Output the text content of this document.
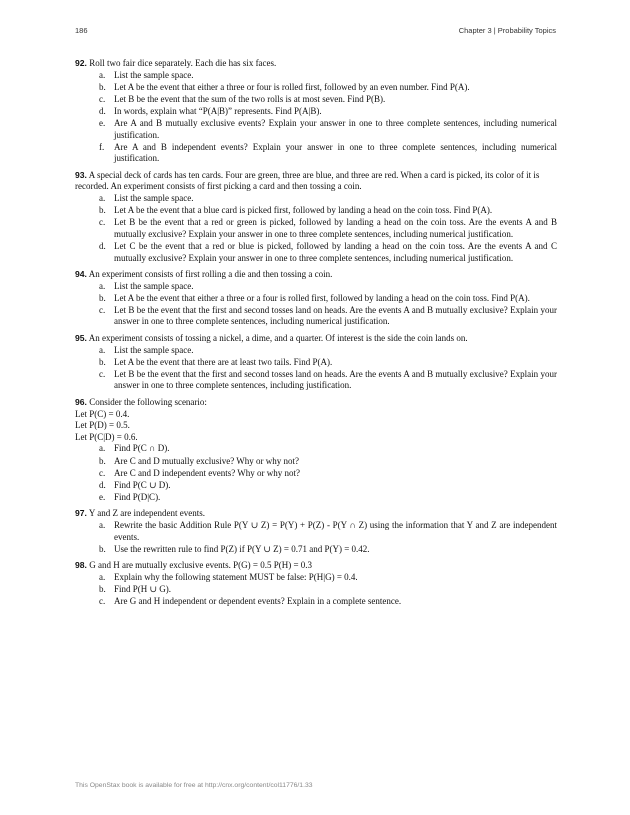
186	Chapter 3 | Probability Topics

92. Roll two fair dice separately. Each die has six faces.

a. List the sample space.
b. Let A be the event that either a three or four is rolled first, followed by an even number. Find P(A).
c. Let B be the event that the sum of the two rolls is at most seven. Find P(B).
d. In words, explain what “P(A|B)” represents. Find P(A|B).
e. Are A and B mutually exclusive events? Explain your answer in one to three complete sentences, including numerical justification.
f. Are A and B independent events? Explain your answer in one to three complete sentences, including numerical justification.

93. A special deck of cards has ten cards. Four are green, three are blue, and three are red. When a card is picked, its color of it is recorded. An experiment consists of first picking a card and then tossing a coin.

a. List the sample space.
b. Let A be the event that a blue card is picked first, followed by landing a head on the coin toss. Find P(A).
c. Let B be the event that a red or green is picked, followed by landing a head on the coin toss. Are the events A and B mutually exclusive? Explain your answer in one to three complete sentences, including numerical justification.
d. Let C be the event that a red or blue is picked, followed by landing a head on the coin toss. Are the events A and C mutually exclusive? Explain your answer in one to three complete sentences, including numerical justification.

94. An experiment consists of first rolling a die and then tossing a coin.

a. List the sample space.
b. Let A be the event that either a three or a four is rolled first, followed by landing a head on the coin toss. Find P(A).
c. Let B be the event that the first and second tosses land on heads. Are the events A and B mutually exclusive? Explain your answer in one to three complete sentences, including numerical justification.

95. An experiment consists of tossing a nickel, a dime, and a quarter. Of interest is the side the coin lands on.

a. List the sample space.
b. Let A be the event that there are at least two tails. Find P(A).
c. Let B be the event that the first and second tosses land on heads. Are the events A and B mutually exclusive? Explain your answer in one to three complete sentences, including justification.

96. Consider the following scenario:

Let P(C) = 0.4.

Let P(D) = 0.5.

Let P(C|D) = 0.6.

a. Find P(C ∩ D).
b. Are C and D mutually exclusive? Why or why not?
c. Are C and D independent events? Why or why not?
d. Find P(C ∪ D).
e. Find P(D|C).

97. Y and Z are independent events.

a. Rewrite the basic Addition Rule P(Y ∪ Z) = P(Y) + P(Z) - P(Y ∩ Z) using the information that Y and Z are independent events.
b. Use the rewritten rule to find P(Z) if P(Y ∪ Z) = 0.71 and P(Y) = 0.42.

98. G and H are mutually exclusive events. P(G) = 0.5 P(H) = 0.3

a. Explain why the following statement MUST be false: P(H|G) = 0.4.
b. Find P(H ∪ G).
c. Are G and H independent or dependent events? Explain in a complete sentence.
This OpenStax book is available for free at http://cnx.org/content/col11776/1.33
